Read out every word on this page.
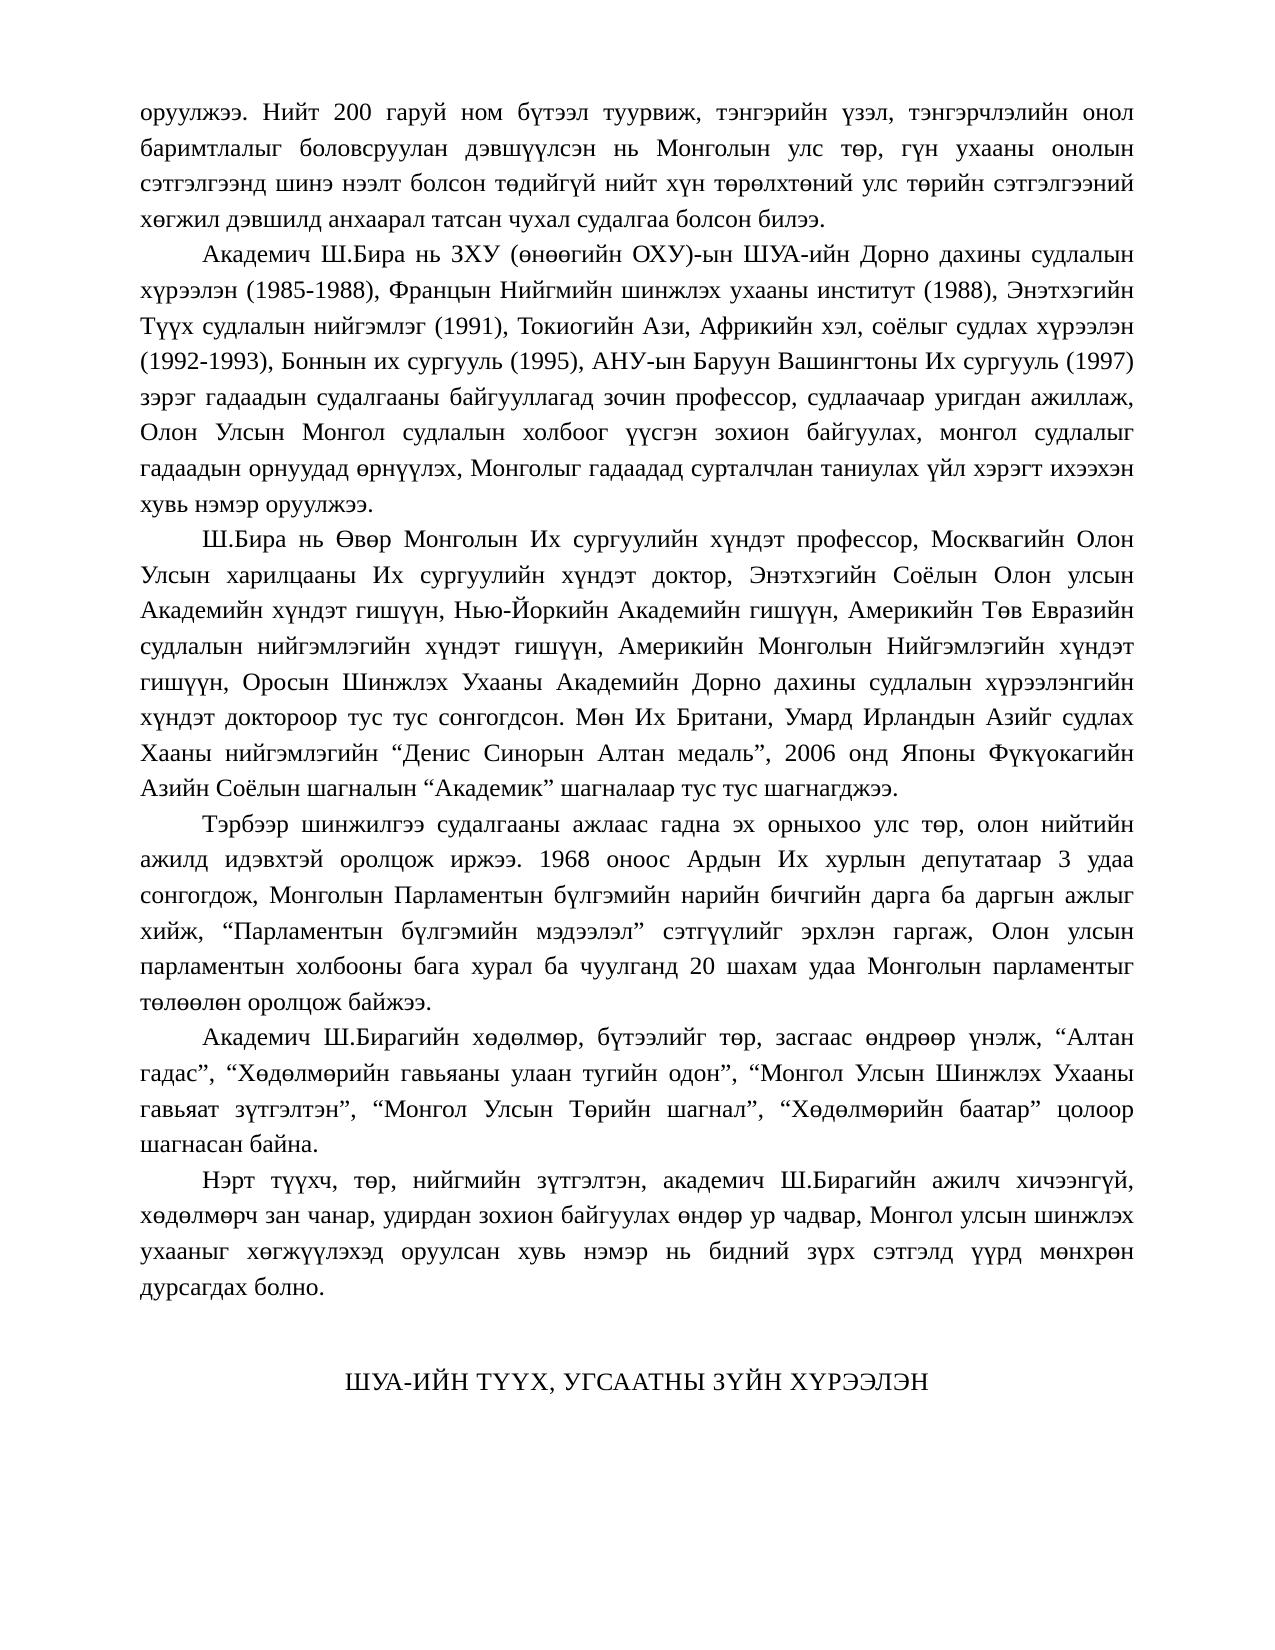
оруулжээ. Нийт 200 гаруй ном бүтээл туурвиж, тэнгэрийн үзэл, тэнгэрчлэлийн онол баримтлалыг боловсруулан дэвшүүлсэн нь Монголын улс төр, гүн ухааны онолын сэтгэлгээнд шинэ нээлт болсон төдийгүй нийт хүн төрөлхтөний улс төрийн сэтгэлгээний хөгжил дэвшилд анхаарал татсан чухал судалгаа болсон билээ.

Академич Ш.Бира нь ЗХУ (өнөөгийн ОХУ)-ын ШУА-ийн Дорно дахины судлалын хүрээлэн (1985-1988), Францын Нийгмийн шинжлэх ухааны институт (1988), Энэтхэгийн Түүх судлалын нийгэмлэг (1991), Токиогийн Ази, Африкийн хэл, соёлыг судлах хүрээлэн (1992-1993), Боннын их сургууль (1995), АНУ-ын Баруун Вашингтоны Их сургууль (1997) зэрэг гадаадын судалгааны байгууллагад зочин профессор, судлаачаар уригдан ажиллаж, Олон Улсын Монгол судлалын холбоог үүсгэн зохион байгуулах, монгол судлалыг гадаадын орнуудад өрнүүлэх, Монголыг гадаадад сурталчлан таниулах үйл хэрэгт ихээхэн хувь нэмэр оруулжээ.

Ш.Бира нь Өвөр Монголын Их сургуулийн хүндэт профессор, Москвагийн Олон Улсын харилцааны Их сургуулийн хүндэт доктор, Энэтхэгийн Соёлын Олон улсын Академийн хүндэт гишүүн, Нью-Йоркийн Академийн гишүүн, Америкийн Төв Евразийн судлалын нийгэмлэгийн хүндэт гишүүн, Америкийн Монголын Нийгэмлэгийн хүндэт гишүүн, Оросын Шинжлэх Ухааны Академийн Дорно дахины судлалын хүрээлэнгийн хүндэт доктороор тус тус сонгогдсон. Мөн Их Британи, Умард Ирландын Азийг судлах Хааны нийгэмлэгийн “Денис Синорын Алтан медаль”, 2006 онд Японы Фүкүокагийн Азийн Соёлын шагналын “Академик” шагналаар тус тус шагнагджээ.

Тэрбээр шинжилгээ судалгааны ажлаас гадна эх орныхоо улс төр, олон нийтийн ажилд идэвхтэй оролцож иржээ. 1968 оноос Ардын Их хурлын депутатаар 3 удаа сонгогдож, Монголын Парламентын бүлгэмийн нарийн бичгийн дарга ба даргын ажлыг хийж, “Парламентын бүлгэмийн мэдээлэл” сэтгүүлийг эрхлэн гаргаж, Олон улсын парламентын холбооны бага хурал ба чуулганд 20 шахам удаа Монголын парламентыг төлөөлөн оролцож байжээ.

Академич Ш.Бирагийн хөдөлмөр, бүтээлийг төр, засгаас өндрөөр үнэлж, “Алтан гадас”, “Хөдөлмөрийн гавьяаны улаан тугийн одон”, “Монгол Улсын Шинжлэх Ухааны гавьяат зүтгэлтэн”, “Монгол Улсын Төрийн шагнал”, “Хөдөлмөрийн баатар” цолоор шагнасан байна.

Нэрт түүхч, төр, нийгмийн зүтгэлтэн, академич Ш.Бирагийн ажилч хичээнгүй, хөдөлмөрч зан чанар, удирдан зохион байгуулах өндөр ур чадвар, Монгол улсын шинжлэх ухааныг хөгжүүлэхэд оруулсан хувь нэмэр нь бидний зүрх сэтгэлд үүрд мөнхрөн дурсагдах болно.

ШУА-ИЙН ТҮҮХ, УГСААТНЫ ЗҮЙН ХҮРЭЭЛЭН
